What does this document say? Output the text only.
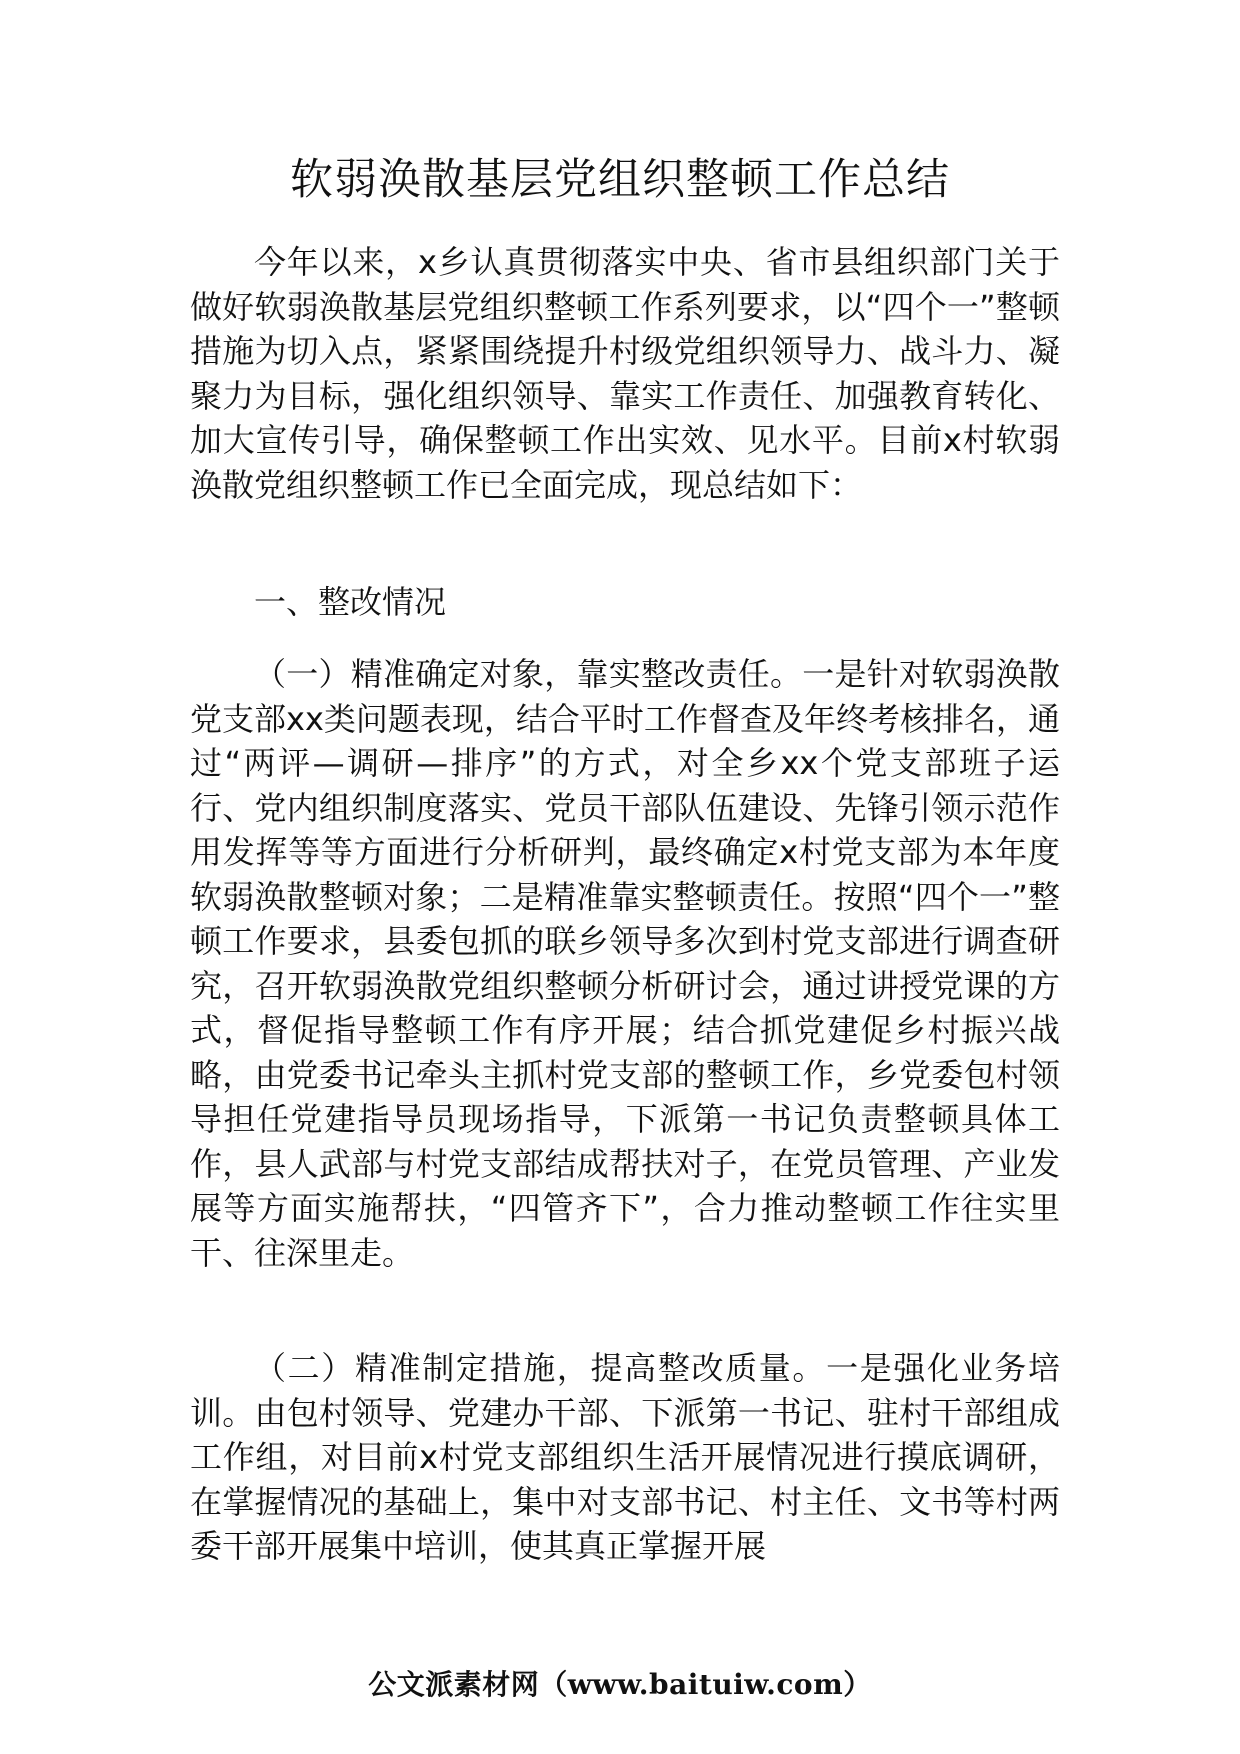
软弱涣散基层党组织整顿工作总结

今年以来，x乡认真贯彻落实中央、省市县组织部门关于做好软弱涣散基层党组织整顿工作系列要求，以“四个一”整顿措施为切入点，紧紧围绕提升村级党组织领导力、战斗力、凝聚力为目标，强化组织领导、靠实工作责任、加强教育转化、加大宣传引导，确保整顿工作出实效、见水平。目前x村软弱涣散党组织整顿工作已全面完成，现总结如下：

一、整改情况

（一）精准确定对象，靠实整改责任。一是针对软弱涣散党支部xx类问题表现，结合平时工作督查及年终考核排名，通过“两评—调研—排序”的方式，对全乡xx个党支部班子运行、党内组织制度落实、党员干部队伍建设、先锋引领示范作用发挥等等方面进行分析研判，最终确定x村党支部为本年度软弱涣散整顿对象；二是精准靠实整顿责任。按照“四个一”整顿工作要求，县委包抓的联乡领导多次到村党支部进行调查研究，召开软弱涣散党组织整顿分析研讨会，通过讲授党课的方式，督促指导整顿工作有序开展；结合抓党建促乡村振兴战略，由党委书记牵头主抓村党支部的整顿工作，乡党委包村领导担任党建指导员现场指导，下派第一书记负责整顿具体工作，县人武部与村党支部结成帮扶对子，在党员管理、产业发展等方面实施帮扶，“四管齐下”，合力推动整顿工作往实里干、往深里走。

（二）精准制定措施，提高整改质量。一是强化业务培训。由包村领导、党建办干部、下派第一书记、驻村干部组成工作组，对目前x村党支部组织生活开展情况进行摸底调研，在掌握情况的基础上，集中对支部书记、村主任、文书等村两委干部开展集中培训，使其真正掌握开展

公文派素材网（www.baituiw.com）
